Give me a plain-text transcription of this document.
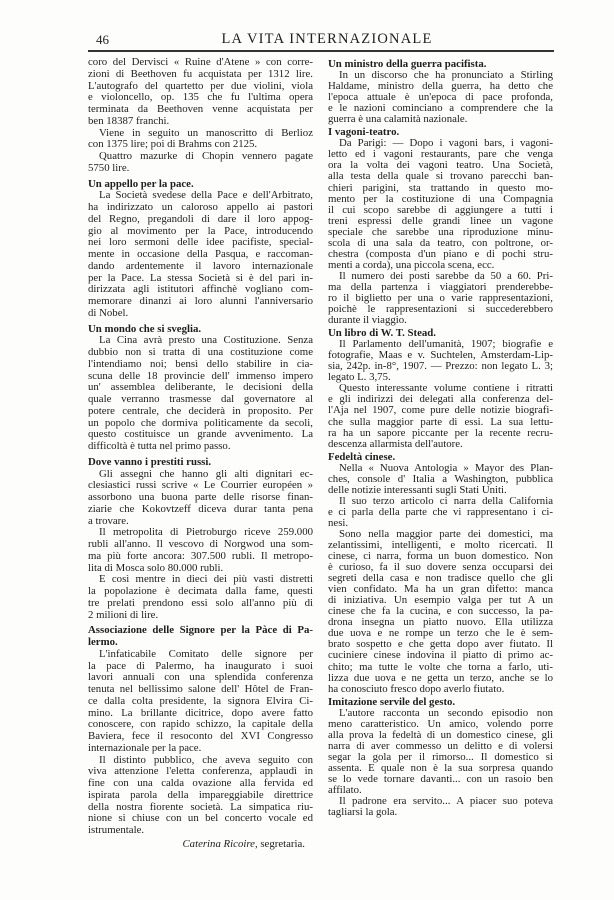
46	LA VITA INTERNAZIONALE
coro del Dervisci « Ruine d'Atene » con corre-
zioni di Beethoven fu acquistata per 1312 lire.
L'autografo del quartetto per due violini, viola
e violoncello, op. 135 che fu l'ultima opera
terminata da Beethoven venne acquistata per
ben 18387 franchi.
Viene in seguito un manoscritto di Berlioz
con 1375 lire; poi di Brahms con 2125.
Quattro mazurke di Chopin vennero pagate
5750 lire.
Un appello per la pace.
La Società svedese della Pace e dell'Arbitrato,
ha indirizzato un caloroso appello ai pastori
del Regno, pregandoli di dare il loro appog-
gio al movimento per la Pace, introducendo
nei loro sermoni delle idee pacifiste, special-
mente in occasione della Pasqua, e raccoman-
dando ardentemente il lavoro internazionale
per la Pace. La stessa Società si è del pari in-
dirizzata agli istitutori affinchè vogliano com-
memorare dinanzi ai loro alunni l'anniversario
di Nobel.
Un mondo che si sveglia.
La Cina avrà presto una Costituzione. Senza
dubbio non si tratta di una costituzione come
l'intendiamo noi; bensì dello stabilire in cia-
scuna delle 18 provincie dell' immenso impero
un' assemblea deliberante, le decisioni della
quale verranno trasmesse dal governatore al
potere centrale, che deciderà in proposito. Per
un popolo che dormiva politicamente da secoli,
questo costituisce un grande avvenimento. La
difficoltà è tutta nel primo passo.
Dove vanno i prestiti russi.
Gli assegni che hanno gli alti dignitari ec-
clesiastici russi scrive « Le Courrier européen »
assorbono una buona parte delle risorse finan-
ziarie che Kokovtzeff diceva durar tanta pena
a trovare.
Il metropolita di Pietroburgo riceve 259.000
rubli all'anno. Il vescovo di Norgwod una som-
ma più forte ancora: 307.500 rubli. Il metropo-
lita di Mosca solo 80.000 rubli.
E così mentre in dieci dei più vasti distretti
la popolazione è decimata dalla fame, questi
tre prelati prendono essi solo all'anno più di
2 milioni di lire.
Associazione delle Signore per la Pàce di Pa-
lermo.
L'infaticabile Comitato delle signore per
la pace di Palermo, ha inaugurato i suoi
lavori annuali con una splendida conferenza
tenuta nel bellissimo salone dell' Hôtel de Fran-
ce dalla colta presidente, la signora Elvira Ci-
mino. La brillante dicitrice, dopo avere fatto
conoscere, con rapido schizzo, la capitale della
Baviera, fece il resoconto del XVI Congresso
internazionale per la pace.
Il distinto pubblico, che aveva seguito con
viva attenzione l'eletta conferenza, applaudì in
fine con una calda ovazione alla fervida ed
ispirata parola della impareggiabile direttrice
della nostra fiorente società. La simpatica riu-
nione si chiuse con un bel concerto vocale ed
istrumentale.
Caterina Ricoire, segretaria.
Un ministro della guerra pacifista.
In un discorso che ha pronunciato a Stirling
Haldame, ministro della guerra, ha detto che
l'epoca attuale è un'epoca di pace profonda,
e le nazioni cominciano a comprendere che la
guerra è una calamità nazionale.
I vagoni-teatro.
Da Parigi: — Dopo i vagoni bars, i vagoni-
letto ed i vagoni restaurants, pare che venga
ora la volta dei vagoni teatro. Una Società,
alla testa della quale si trovano parecchi ban-
chieri parigini, sta trattando in questo mo-
mento per la costituzione di una Compagnia
il cui scopo sarebbe di aggiungere a tutti i
treni espressi delle grandi linee un vagone
speciale che sarebbe una riproduzione minu-
scola di una sala da teatro, con poltrone, or-
chestra (composta d'un piano e di pochi stru-
menti a corda), una piccola scena, ecc.
Il numero dei posti sarebbe da 50 a 60. Pri-
ma della partenza i viaggiatori prenderebbe-
ro il biglietto per una o varie rappresentazioni,
poichè le rappresentazioni si succederebbero
durante il viaggio.
Un libro di W. T. Stead.
Il Parlamento dell'umanità, 1907; biografie e
fotografie, Maas e v. Suchtelen, Amsterdam-Lip-
sia, 242p. in-8°, 1907. — Prezzo: non legato L. 3;
legato L. 3,75.
Questo interessante volume contiene i ritratti
e gli indirizzi dei delegati alla conferenza del-
l'Aja nel 1907, come pure delle notizie biografi-
che sulla maggior parte di essi. La sua lettu-
ra ha un sapore piccante per la recente recru-
descenza allarmista dell'autore.
Fedeltà cinese.
Nella « Nuova Antologia » Mayor des Plan-
ches, console d' Italia a Washington, pubblica
delle notizie interessanti sugli Stati Uniti.
Il suo terzo articolo ci narra della California
e ci parla della parte che vi rappresentano i ci-
nesi.
Sono nella maggior parte dei domestici, ma
zelantissimi, intelligenti, e molto ricercati. Il
cinese, ci narra, forma un buon domestico. Non
è curioso, fa il suo dovere senza occuparsi dei
segreti della casa e non tradisce quello che gli
vien confidato. Ma ha un gran difetto: manca
di iniziativa. Un esempio valga per tut A un
cinese che fa la cucina, e con successo, la pa-
drona insegna un piatto nuovo. Ella utilizza
due uova e ne rompe un terzo che le è sem-
brato sospetto e che getta dopo aver fiutato. Il
cuciniere cinese indovina il piatto di primo ac-
chito; ma tutte le volte che torna a farlo, uti-
lizza due uova e ne getta un terzo, anche se lo
ha conosciuto fresco dopo averlo fiutato.
Imitazione servile del gesto.
L'autore racconta un secondo episodio non
meno caratteristico. Un amico, volendo porre
alla prova la fedeltà di un domestico cinese, gli
narra di aver commesso un delitto e di volersi
segar la gola per il rimorso... Il domestico si
assenta. E quale non è la sua sorpresa quando
se lo vede tornare davanti... con un rasoio ben
affilato.
Il padrone era servito... A piacer suo poteva
tagliarsi la gola.
